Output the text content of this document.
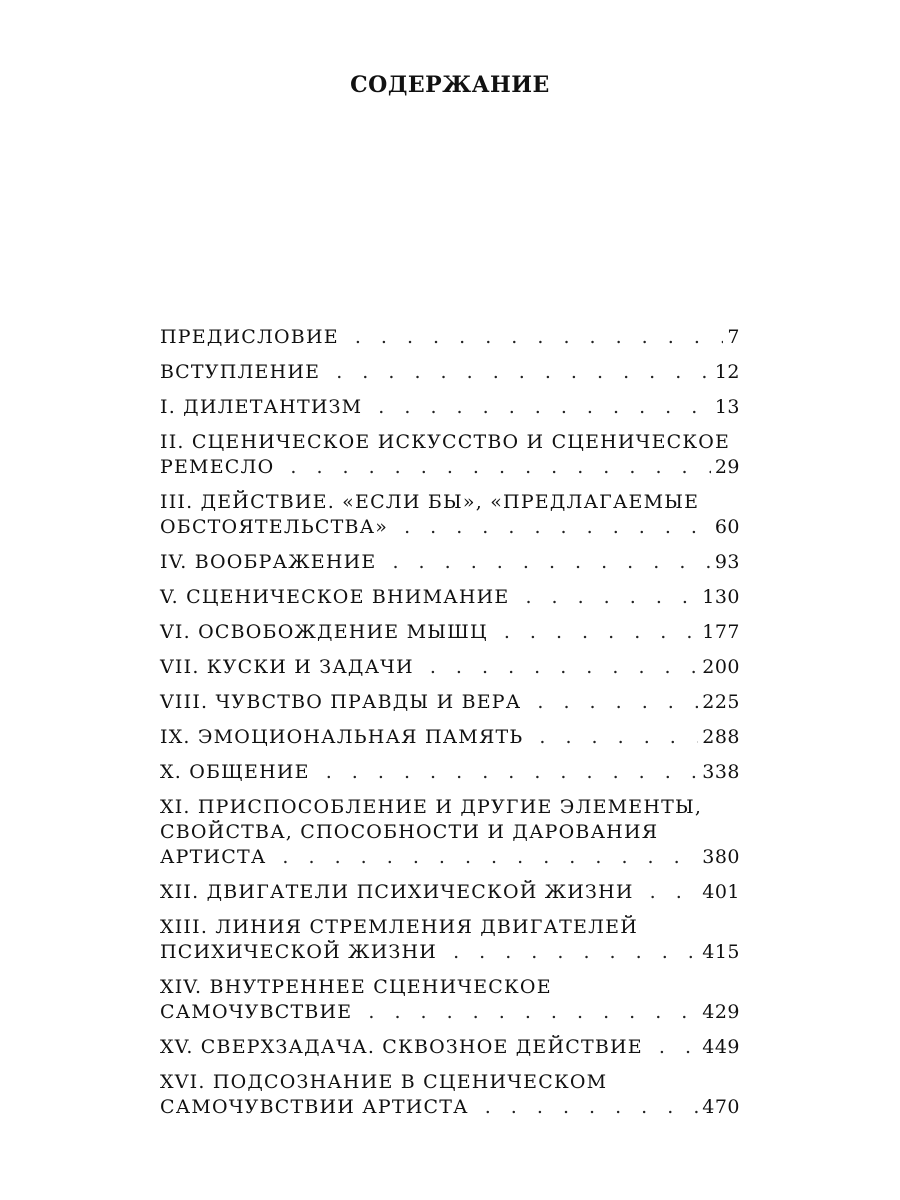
СОДЕРЖАНИЕ
ПРЕДИСЛОВИЕ . . .	7
ВСТУПЛЕНИЕ . . .	12
I. ДИЛЕТАНТИЗМ . . .	13
II. СЦЕНИЧЕСКОЕ ИСКУССТВО И СЦЕНИЧЕСКОЕ
РЕМЕСЛО . . .	29
III. ДЕЙСТВИЕ. «ЕСЛИ БЫ», «ПРЕДЛАГАЕМЫЕ
ОБСТОЯТЕЛЬСТВА» . . .	60
IV. ВООБРАЖЕНИЕ . . .	93
V. СЦЕНИЧЕСКОЕ ВНИМАНИЕ . . .	130
VI. ОСВОБОЖДЕНИЕ МЫШЦ . . .	177
VII. КУСКИ И ЗАДАЧИ . . .	200
VIII. ЧУВСТВО ПРАВДЫ И ВЕРА . . .	225
IX. ЭМОЦИОНАЛЬНАЯ ПАМЯТЬ . . .	288
X. ОБЩЕНИЕ . . .	338
XI. ПРИСПОСОБЛЕНИЕ И ДРУГИЕ ЭЛЕМЕНТЫ,
СВОЙСТВА, СПОСОБНОСТИ И ДАРОВАНИЯ
АРТИСТА . . .	380
XII. ДВИГАТЕЛИ ПСИХИЧЕСКОЙ ЖИЗНИ . . .	401
XIII. ЛИНИЯ СТРЕМЛЕНИЯ ДВИГАТЕЛЕЙ
ПСИХИЧЕСКОЙ ЖИЗНИ . . .	415
XIV. ВНУТРЕННЕЕ СЦЕНИЧЕСКОЕ
САМОЧУВСТВИЕ . . .	429
XV. СВЕРХЗАДАЧА. СКВОЗНОЕ ДЕЙСТВИЕ . . .	449
XVI. ПОДСОЗНАНИЕ В СЦЕНИЧЕСКОМ
САМОЧУВСТВИИ АРТИСТА . . .	470
